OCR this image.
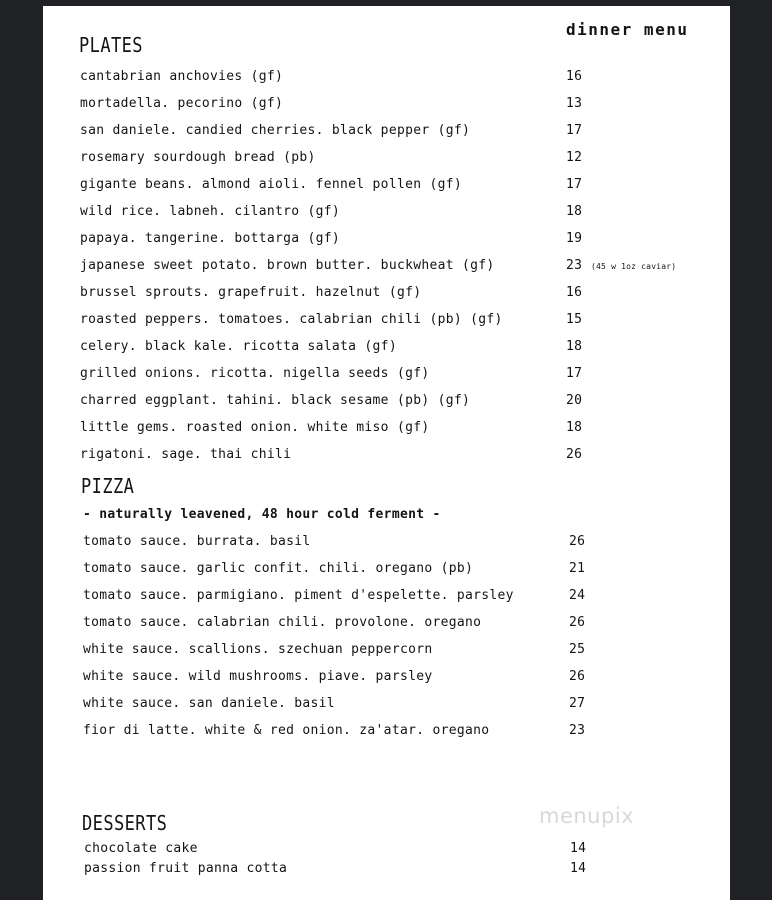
dinner menu
PLATES
cantabrian anchovies (gf)	16
mortadella. pecorino (gf)	13
san daniele. candied cherries. black pepper (gf)	17
rosemary sourdough bread (pb)	12
gigante beans. almond aioli. fennel pollen (gf)	17
wild rice. labneh. cilantro (gf)	18
papaya. tangerine. bottarga (gf)	19
japanese sweet potato. brown butter. buckwheat (gf)	23 (45 w 1oz caviar)
brussel sprouts. grapefruit. hazelnut (gf)	16
roasted peppers. tomatoes. calabrian chili (pb) (gf)	15
celery. black kale. ricotta salata (gf)	18
grilled onions. ricotta. nigella seeds (gf)	17
charred eggplant. tahini. black sesame (pb) (gf)	20
little gems. roasted onion. white miso (gf)	18
rigatoni. sage. thai chili	26
PIZZA
- naturally leavened, 48 hour cold ferment -
tomato sauce. burrata. basil	26
tomato sauce. garlic confit. chili. oregano (pb)	21
tomato sauce. parmigiano. piment d'espelette. parsley	24
tomato sauce. calabrian chili. provolone. oregano	26
white sauce. scallions. szechuan peppercorn	25
white sauce. wild mushrooms. piave. parsley	26
white sauce. san daniele. basil	27
fior di latte. white & red onion. za'atar. oregano	23
menupix
DESSERTS
chocolate cake	14
passion fruit panna cotta	14
